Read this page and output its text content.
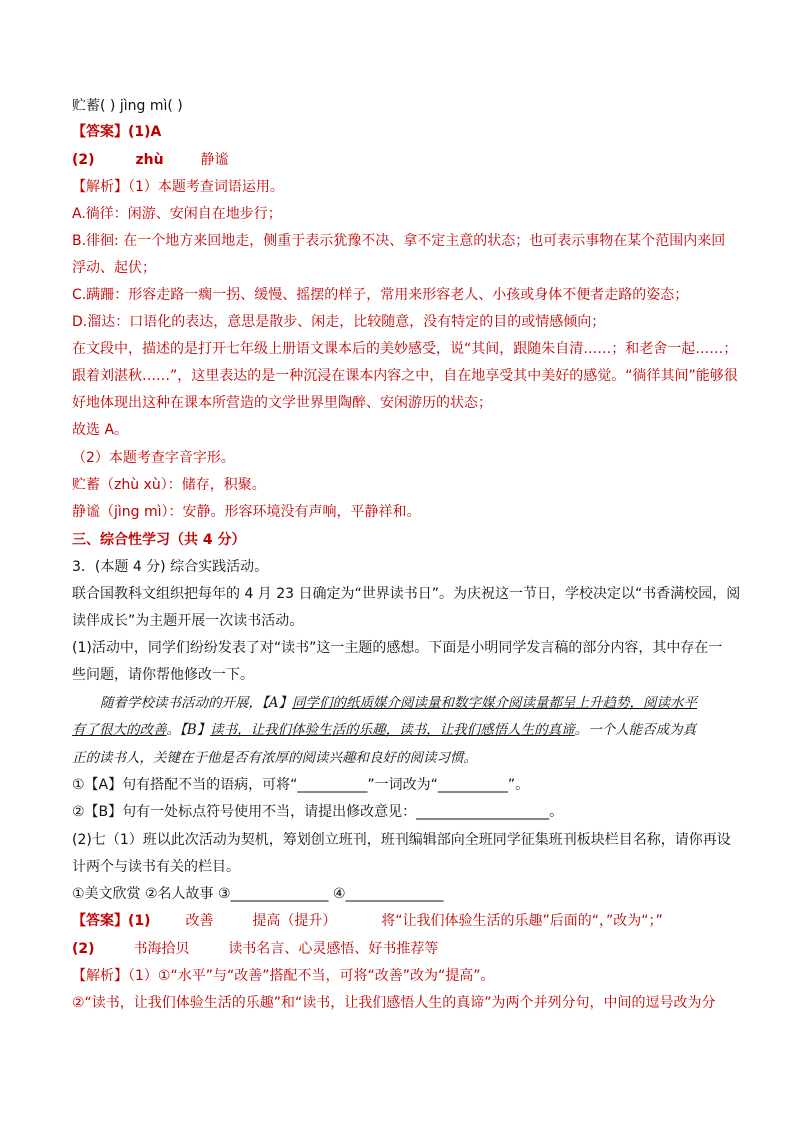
贮蓄( ) jìng mì( )
【答案】(1)A
(2)	zhù	静谧
【解析】（1）本题考查词语运用。
A.徜徉：闲游、安闲自在地步行；
B.徘徊: 在一个地方来回地走，侧重于表示犹豫不决、拿不定主意的状态；也可表示事物在某个范围内来回
浮动、起伏；
C.蹒跚：形容走路一瘸一拐、缓慢、摇摆的样子，常用来形容老人、小孩或身体不便者走路的姿态；
D.溜达：口语化的表达，意思是散步、闲走，比较随意，没有特定的目的或情感倾向；
在文段中，描述的是打开七年级上册语文课本后的美妙感受，说“其间，跟随朱自清……；和老舍一起……；
跟着刘湛秋……”，这里表达的是一种沉浸在课本内容之中，自在地享受其中美好的感觉。“徜徉其间”能够很
好地体现出这种在课本所营造的文学世界里陶醉、安闲游历的状态；
故选 A。
（2）本题考查字音字形。
贮蓄（zhù xù）：储存，积聚。
静谧（jìng mì）：安静。形容环境没有声响，平静祥和。
三、综合性学习（共 4 分）
3．(本题 4 分) 综合实践活动。
联合国教科文组织把每年的 4 月 23 日确定为“世界读书日”。为庆祝这一节日，学校决定以“书香满校园，阅
读伴成长”为主题开展一次读书活动。
(1)活动中，同学们纷纷发表了对“读书”这一主题的感想。下面是小明同学发言稿的部分内容，其中存在一
些问题，请你帮他修改一下。
随着学校读书活动的开展，【A】同学们的纸质媒介阅读量和数字媒介阅读量都呈上升趋势，阅读水平
有了很大的改善。【B】读书，让我们体验生活的乐趣，读书，让我们感悟人生的真谛。一个人能否成为真
正的读书人，关键在于他是否有浓厚的阅读兴趣和良好的阅读习惯。
①【A】句有搭配不当的语病，可将“__________”一词改为“__________”。
②【B】句有一处标点符号使用不当，请提出修改意见：___________________。
(2)七（1）班以此次活动为契机，筹划创立班刊，班刊编辑部向全班同学征集班刊板块栏目名称，请你再设
计两个与读书有关的栏目。
①美文欣赏 ②名人故事 ③______________ ④______________
【答案】(1) 改善	提高（提升）	将“让我们体验生活的乐趣”后面的“，”改为“；”
(2)	书海拾贝	读书名言、心灵感悟、好书推荐等
【解析】（1）①“水平”与“改善”搭配不当，可将“改善”改为“提高”。
②“读书，让我们体验生活的乐趣”和“读书，让我们感悟人生的真谛”为两个并列分句，中间的逗号改为分
